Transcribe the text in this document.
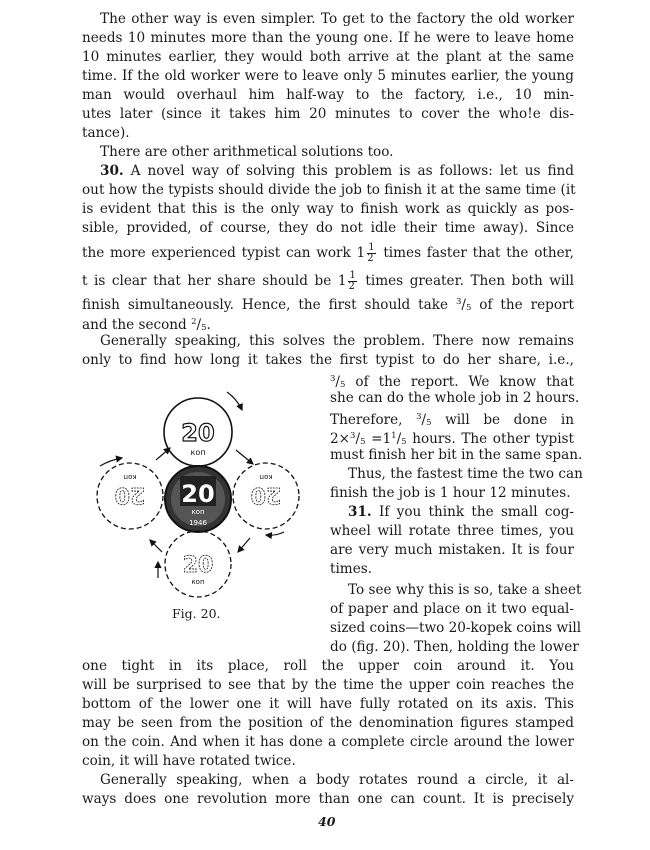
The other way is even simpler. To get to the factory the old worker
needs 10 minutes more than the young one. If he were to leave home
10 minutes earlier, they would both arrive at the plant at the same
time. If the old worker were to leave only 5 minutes earlier, the young
man would overhaul him half-way to the factory, i.e., 10 min-
utes later (since it takes him 20 minutes to cover the who!e dis-
tance).
There are other arithmetical solutions too.
30. A novel way of solving this problem is as follows: let us find
out how the typists should divide the job to finish it at the same time (it
is evident that this is the only way to finish work as quickly as pos-
sible, provided, of course, they do not idle their time away). Since
the more experienced typist can work $1 \frac{1}{2}$ times faster that the other,
t is clear that her share should be $1 \frac{1}{2}$ times greater. Then both will
finish simultaneously. Hence, the first should take $^3/_5$ of the report
and the second $^2/_5$.
Generally speaking, this solves the problem. There now remains
only to find how long it takes the first typist to do her share, i.e.,
$^3/_5$ of the report. We know that
she can do the whole job in 2 hours.
Therefore, $^3/_5$ will be done in
$2\times^3/_5 =1^1/_5$ hours. The other typist
must finish her bit in the same span.
Thus, the fastest time the two can
finish the job is 1 hour 12 minutes.
31. If you think the small cog-
wheel will rotate three times, you
are very much mistaken. It is four
times.
To see why this is so, take a sheet
of paper and place on it two equal-
sized coins—two 20-kopek coins will
do (fig. 20). Then, holding the lower
20
коп
20
коп
1946
20
коп
20
коп
20
коп
Fig. 20.
one tight in its place, roll the upper coin around it. You
will be surprised to see that by the time the upper coin reaches the
bottom of the lower one it will have fully rotated on its axis. This
may be seen from the position of the denomination figures stamped
on the coin. And when it has done a complete circle around the lower
coin, it will have rotated twice.
Generally speaking, when a body rotates round a circle, it al-
ways does one revolution more than one can count. It is precisely
40
